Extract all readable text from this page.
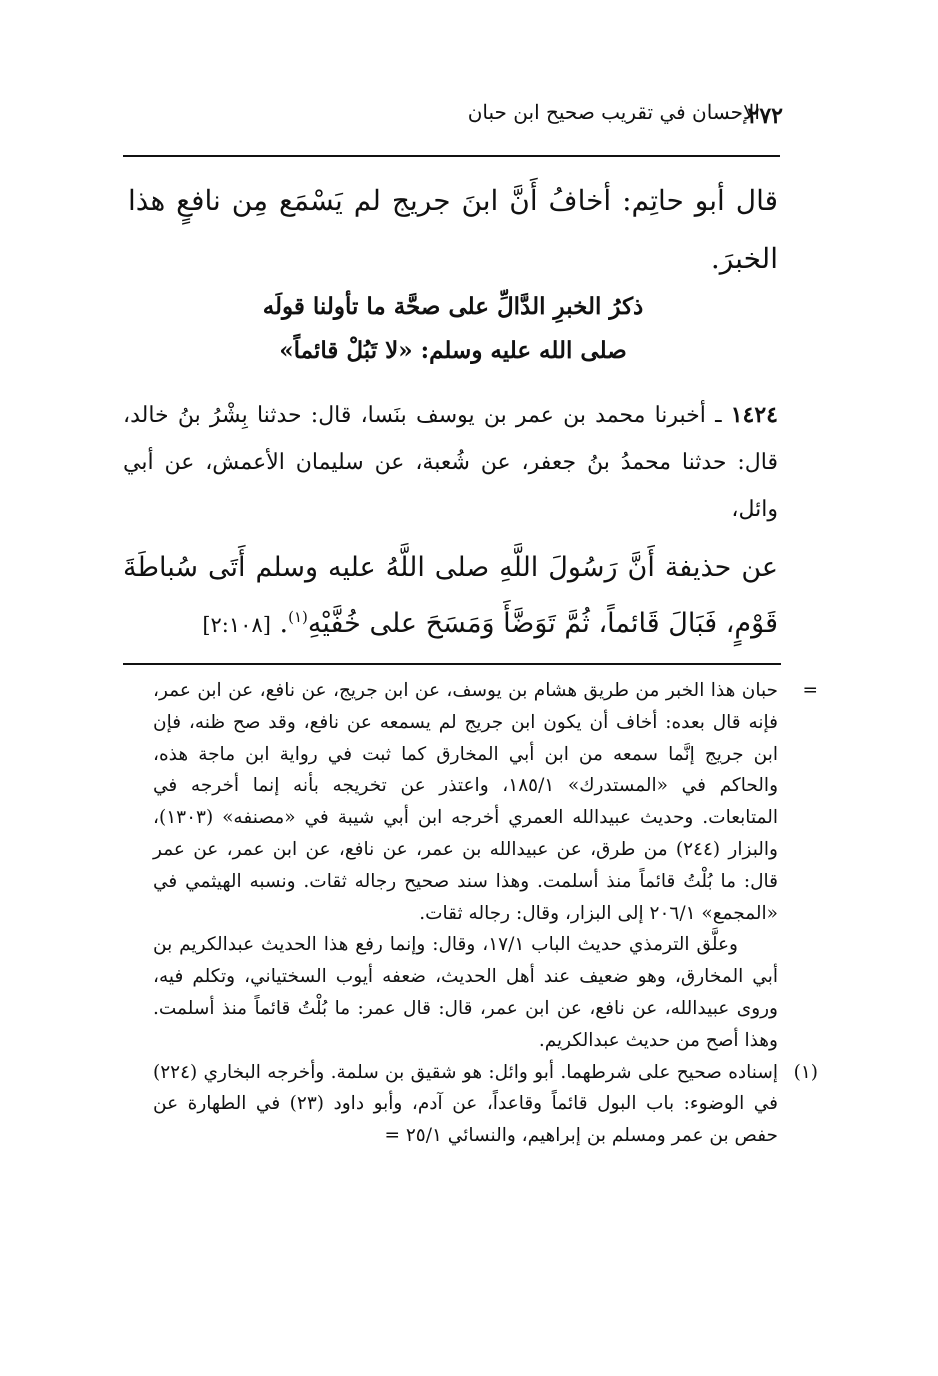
الإحسان في تقريب صحيح ابن حبان
٢٧٢
قال أبو حاتِم: أخافُ أَنَّ ابنَ جريج لم يَسْمَع مِن نافعٍ هذا الخبرَ.
ذكرُ الخبرِ الدَّالِّ على صحَّة ما تأولنا قولَه
صلى الله عليه وسلم: «لا تَبُلْ قائماً»
١٤٢٤ ـ أخبرنا محمد بن عمر بن يوسف بنَسا، قال: حدثنا بِشْرُ بنُ خالد، قال: حدثنا محمدُ بنُ جعفر، عن شُعبة، عن سليمان الأعمش، عن أبي وائل،
عن حذيفة أَنَّ رَسُولَ اللَّهِ صلى اللَّهُ عليه وسلم أَتَى سُباطَةَ قَوْمٍ، فَبَالَ قَائماً، ثُمَّ تَوَضَّأَ وَمَسَحَ على خُفَّيْهِ$^{(١)}$. [٢:١٠٨]

=
حبان هذا الخبر من طريق هشام بن يوسف، عن ابن جريج، عن نافع، عن ابن عمر، فإنه قال بعده: أخاف أن يكون ابن جريج لم يسمعه عن نافع، وقد صح ظنه، فإن ابن جريج إنَّما سمعه من ابن أبي المخارق كما ثبت في رواية ابن ماجة هذه، والحاكم في «المستدرك» ١٨٥/١، واعتذر عن تخريجه بأنه إنما أخرجه في المتابعات. وحديث عبيدالله العمري أخرجه ابن أبي شيبة في «مصنفه» (١٣٠٣)، والبزار (٢٤٤) من طرق، عن عبيدالله بن عمر، عن نافع، عن ابن عمر، عن عمر قال: ما بُلْتُ قائماً منذ أسلمت. وهذا سند صحيح رجاله ثقات. ونسبه الهيثمي في «المجمع» ٢٠٦/١ إلى البزار، وقال: رجاله ثقات.

وعلَّق الترمذي حديث الباب ١٧/١، وقال: وإنما رفع هذا الحديث عبدالكريم بن أبي المخارق، وهو ضعيف عند أهل الحديث، ضعفه أيوب السختياني، وتكلم فيه، وروى عبيدالله، عن نافع، عن ابن عمر، قال: قال عمر: ما بُلْتُ قائماً منذ أسلمت. وهذا أصح من حديث عبدالكريم.

(١)
إسناده صحيح على شرطهما. أبو وائل: هو شقيق بن سلمة. وأخرجه البخاري (٢٢٤) في الوضوء: باب البول قائماً وقاعداً، عن آدم، وأبو داود (٢٣) في الطهارة عن حفص بن عمر ومسلم بن إبراهيم، والنسائي ٢٥/١ =
